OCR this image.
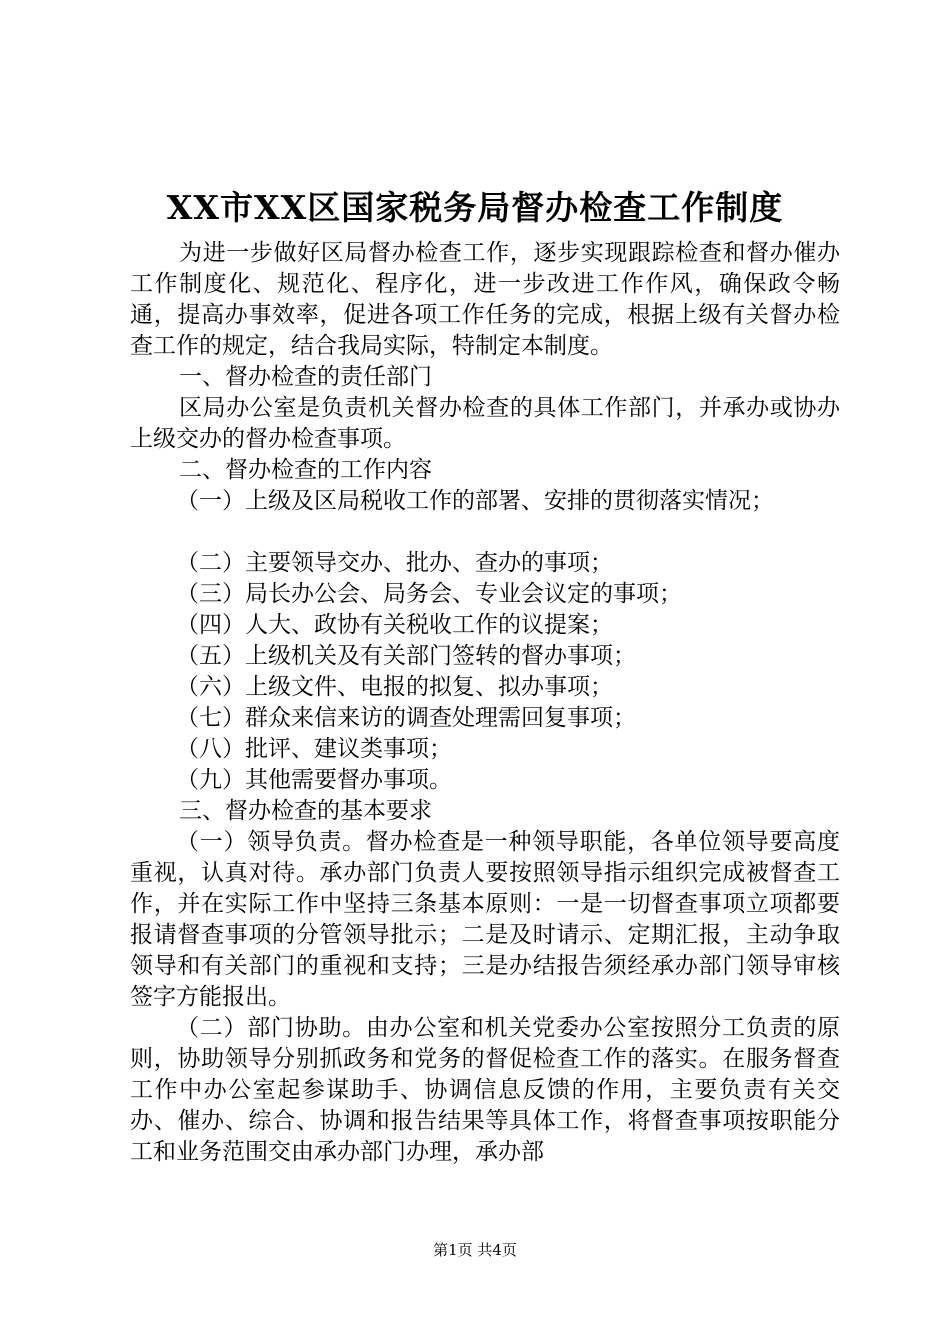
XX市XX区国家税务局督办检查工作制度

为进一步做好区局督办检查工作，逐步实现跟踪检查和督办催办工作制度化、规范化、程序化，进一步改进工作作风，确保政令畅通，提高办事效率，促进各项工作任务的完成，根据上级有关督办检查工作的规定，结合我局实际，特制定本制度。

一、督办检查的责任部门

区局办公室是负责机关督办检查的具体工作部门，并承办或协办上级交办的督办检查事项。

二、督办检查的工作内容

（一）上级及区局税收工作的部署、安排的贯彻落实情况；

（二）主要领导交办、批办、查办的事项；

（三）局长办公会、局务会、专业会议定的事项；

（四）人大、政协有关税收工作的议提案；

（五）上级机关及有关部门签转的督办事项；

（六）上级文件、电报的拟复、拟办事项；

（七）群众来信来访的调查处理需回复事项；

（八）批评、建议类事项；

（九）其他需要督办事项。

三、督办检查的基本要求

（一）领导负责。督办检查是一种领导职能，各单位领导要高度重视，认真对待。承办部门负责人要按照领导指示组织完成被督查工作，并在实际工作中坚持三条基本原则：一是一切督查事项立项都要报请督查事项的分管领导批示；二是及时请示、定期汇报，主动争取领导和有关部门的重视和支持；三是办结报告须经承办部门领导审核签字方能报出。

（二）部门协助。由办公室和机关党委办公室按照分工负责的原则，协助领导分别抓政务和党务的督促检查工作的落实。在服务督查工作中办公室起参谋助手、协调信息反馈的作用，主要负责有关交办、催办、综合、协调和报告结果等具体工作，将督查事项按职能分工和业务范围交由承办部门办理，承办部

第1页 共4页
